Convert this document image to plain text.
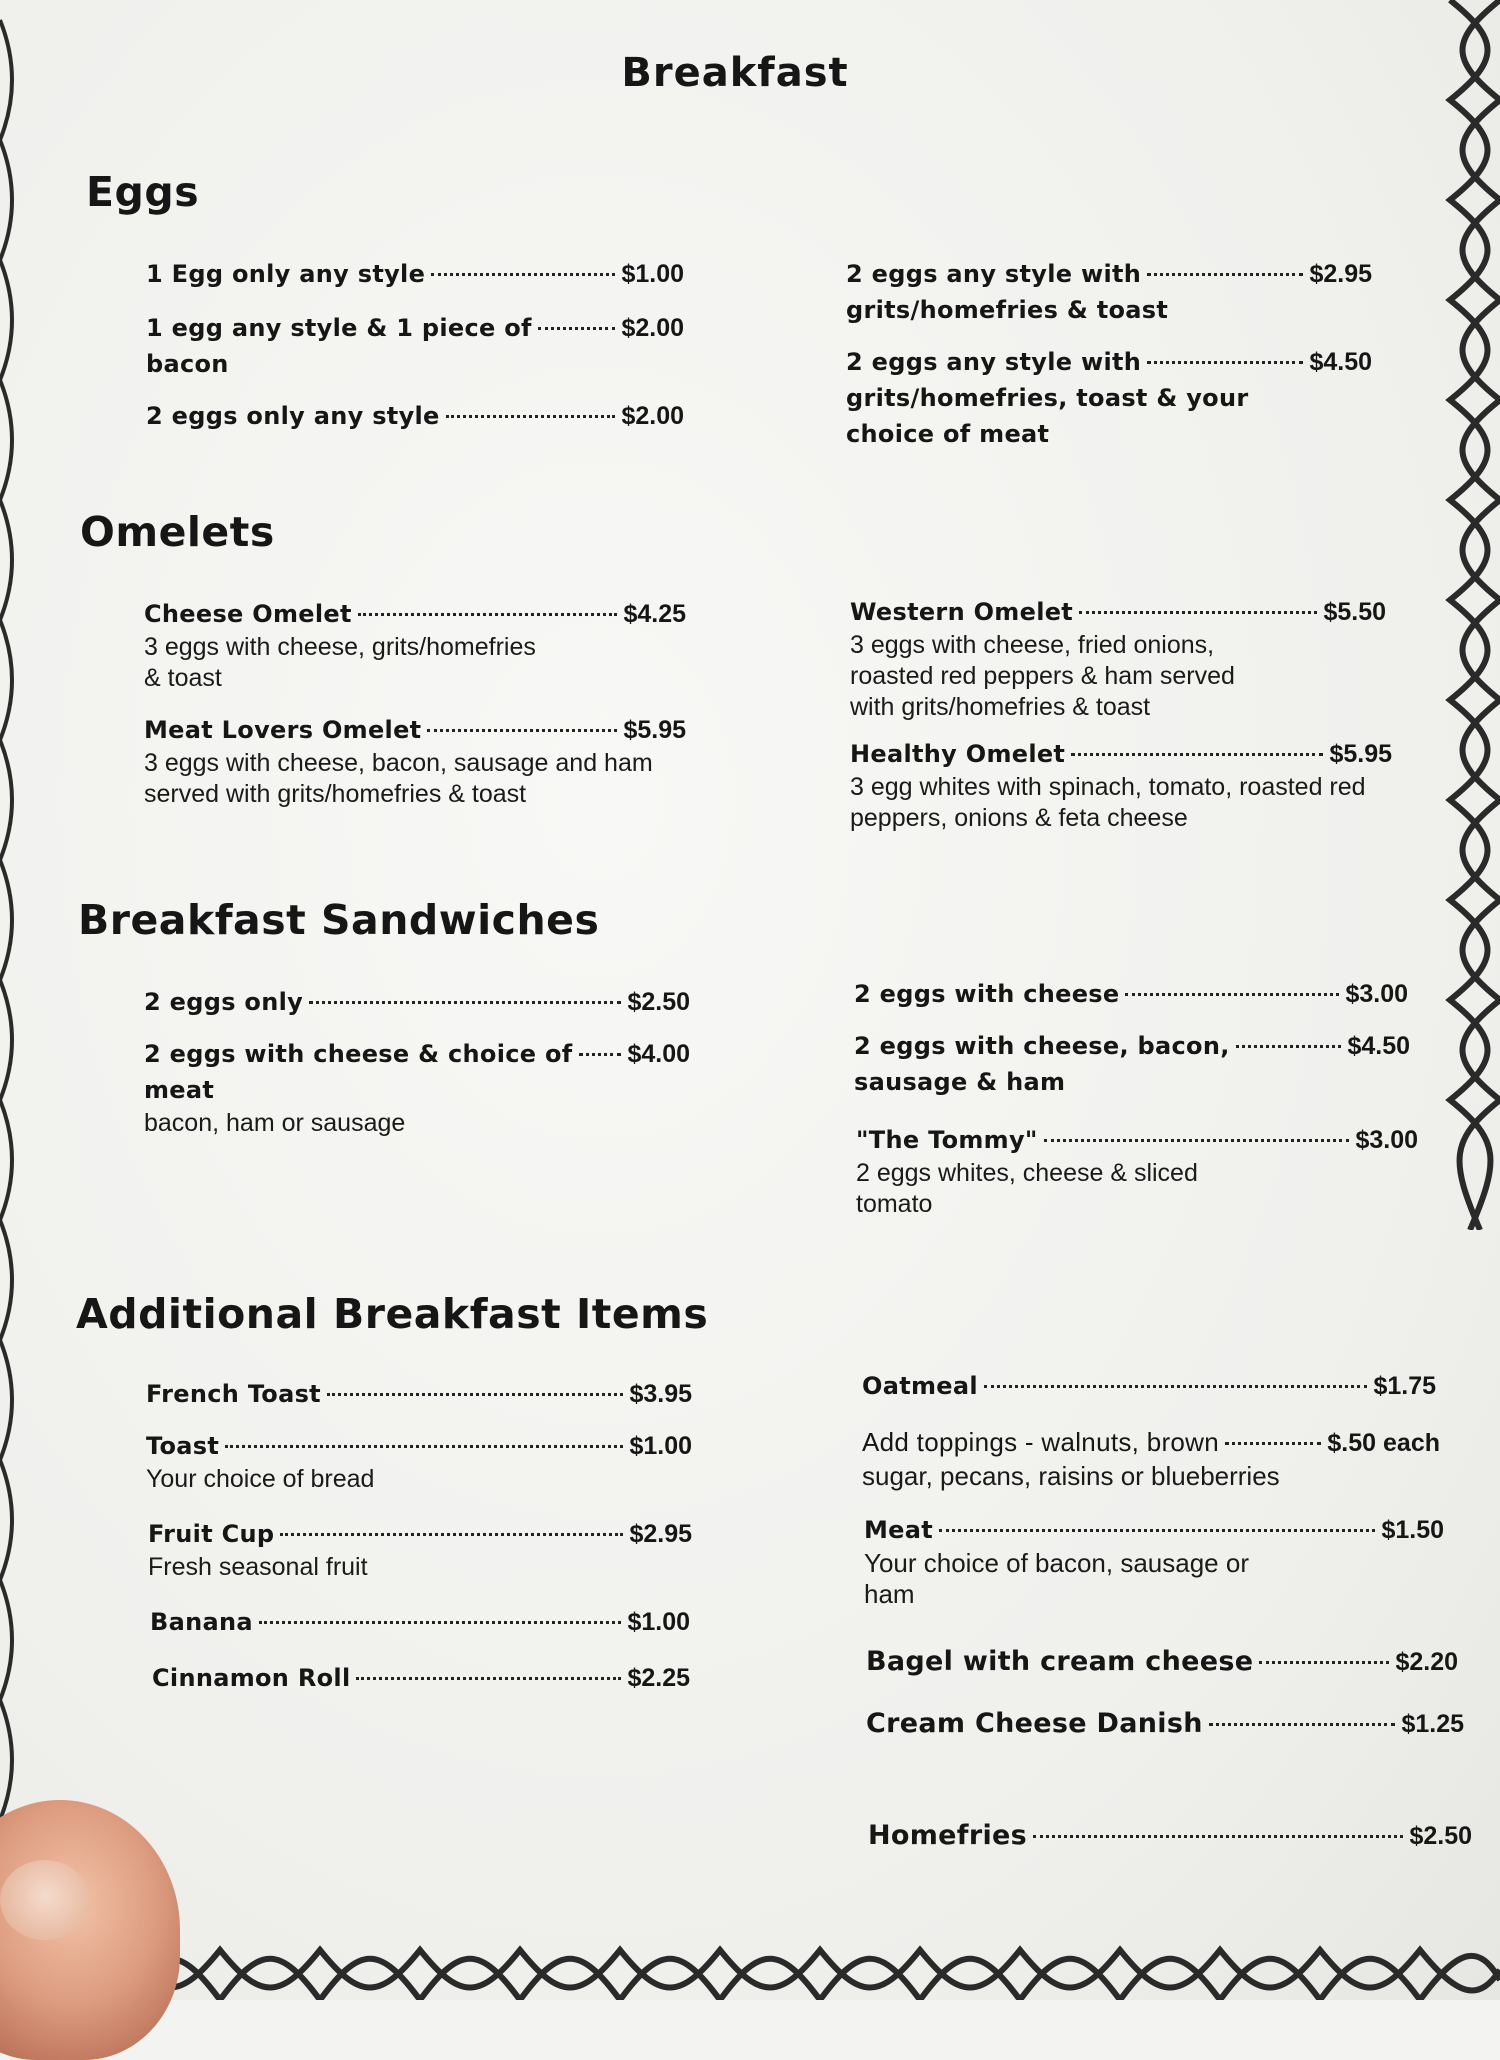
Breakfast
Eggs
1 Egg only any style	$1.00
1 egg any style & 1 piece of	$2.00
bacon
2 eggs only any style	$2.00
2 eggs any style with	$2.95
grits/homefries & toast
2 eggs any style with	$4.50
grits/homefries, toast & your
choice of meat
Omelets
Cheese Omelet	$4.25
3 eggs with cheese, grits/homefries
& toast
Meat Lovers Omelet	$5.95
3 eggs with cheese, bacon, sausage and ham
served with grits/homefries & toast
Western Omelet	$5.50
3 eggs with cheese, fried onions,
roasted red peppers & ham served
with grits/homefries & toast
Healthy Omelet	$5.95
3 egg whites with spinach, tomato, roasted red
peppers, onions & feta cheese
Breakfast Sandwiches
2 eggs only	$2.50
2 eggs with cheese & choice of $4.00
meat
bacon, ham or sausage
2 eggs with cheese	$3.00
2 eggs with cheese, bacon,	$4.50
sausage & ham
"The Tommy"	$3.00
2 eggs whites, cheese & sliced
tomato
Additional Breakfast Items
French Toast	$3.95
Toast	$1.00
Your choice of bread
Fruit Cup	$2.95
Fresh seasonal fruit
Banana	$1.00
Cinnamon Roll	$2.25
Oatmeal	$1.75
Add toppings - walnuts, brown	$.50 each
sugar, pecans, raisins or blueberries
Meat	$1.50
Your choice of bacon, sausage or
ham
Bagel with cream cheese	$2.20
Cream Cheese Danish	$1.25
Homefries	$2.50
